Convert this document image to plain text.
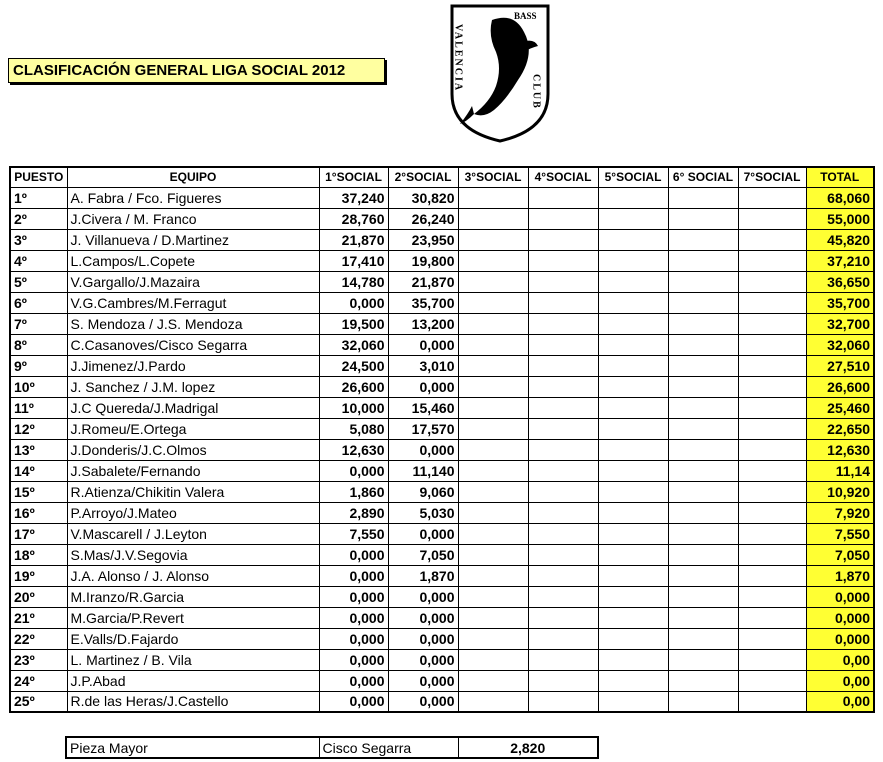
CLASIFICACIÓN GENERAL LIGA SOCIAL 2012
BASS
VALENCIA	CLUB
PUESTO	EQUIPO	1°SOCIAL	2°SOCIAL	3°SOCIAL	4°SOCIAL	5°SOCIAL	6° SOCIAL	7°SOCIAL	TOTAL
1º	A. Fabra / Fco. Figueres	37,240	30,820						68,060
2º	J.Civera / M. Franco	28,760	26,240						55,000
3º	J. Villanueva / D.Martinez	21,870	23,950						45,820
4º	L.Campos/L.Copete	17,410	19,800						37,210
5º	V.Gargallo/J.Mazaira	14,780	21,870						36,650
6º	V.G.Cambres/M.Ferragut	0,000	35,700						35,700
7º	S. Mendoza / J.S. Mendoza	19,500	13,200						32,700
8º	C.Casanoves/Cisco Segarra	32,060	0,000						32,060
9º	J.Jimenez/J.Pardo	24,500	3,010						27,510
10º	J. Sanchez / J.M. lopez	26,600	0,000						26,600
11º	J.C Quereda/J.Madrigal	10,000	15,460						25,460
12º	J.Romeu/E.Ortega	5,080	17,570						22,650
13º	J.Donderis/J.C.Olmos	12,630	0,000						12,630
14º	J.Sabalete/Fernando	0,000	11,140						11,14
15º	R.Atienza/Chikitin Valera	1,860	9,060						10,920
16º	P.Arroyo/J.Mateo	2,890	5,030						7,920
17º	V.Mascarell / J.Leyton	7,550	0,000						7,550
18º	S.Mas/J.V.Segovia	0,000	7,050						7,050
19º	J.A. Alonso / J. Alonso	0,000	1,870						1,870
20º	M.Iranzo/R.Garcia	0,000	0,000						0,000
21º	M.Garcia/P.Revert	0,000	0,000						0,000
22º	E.Valls/D.Fajardo	0,000	0,000						0,000
23º	L. Martinez / B. Vila	0,000	0,000						0,00
24º	J.P.Abad	0,000	0,000						0,00
25º	R.de las Heras/J.Castello	0,000	0,000						0,00
Pieza Mayor	Cisco Segarra	2,820
